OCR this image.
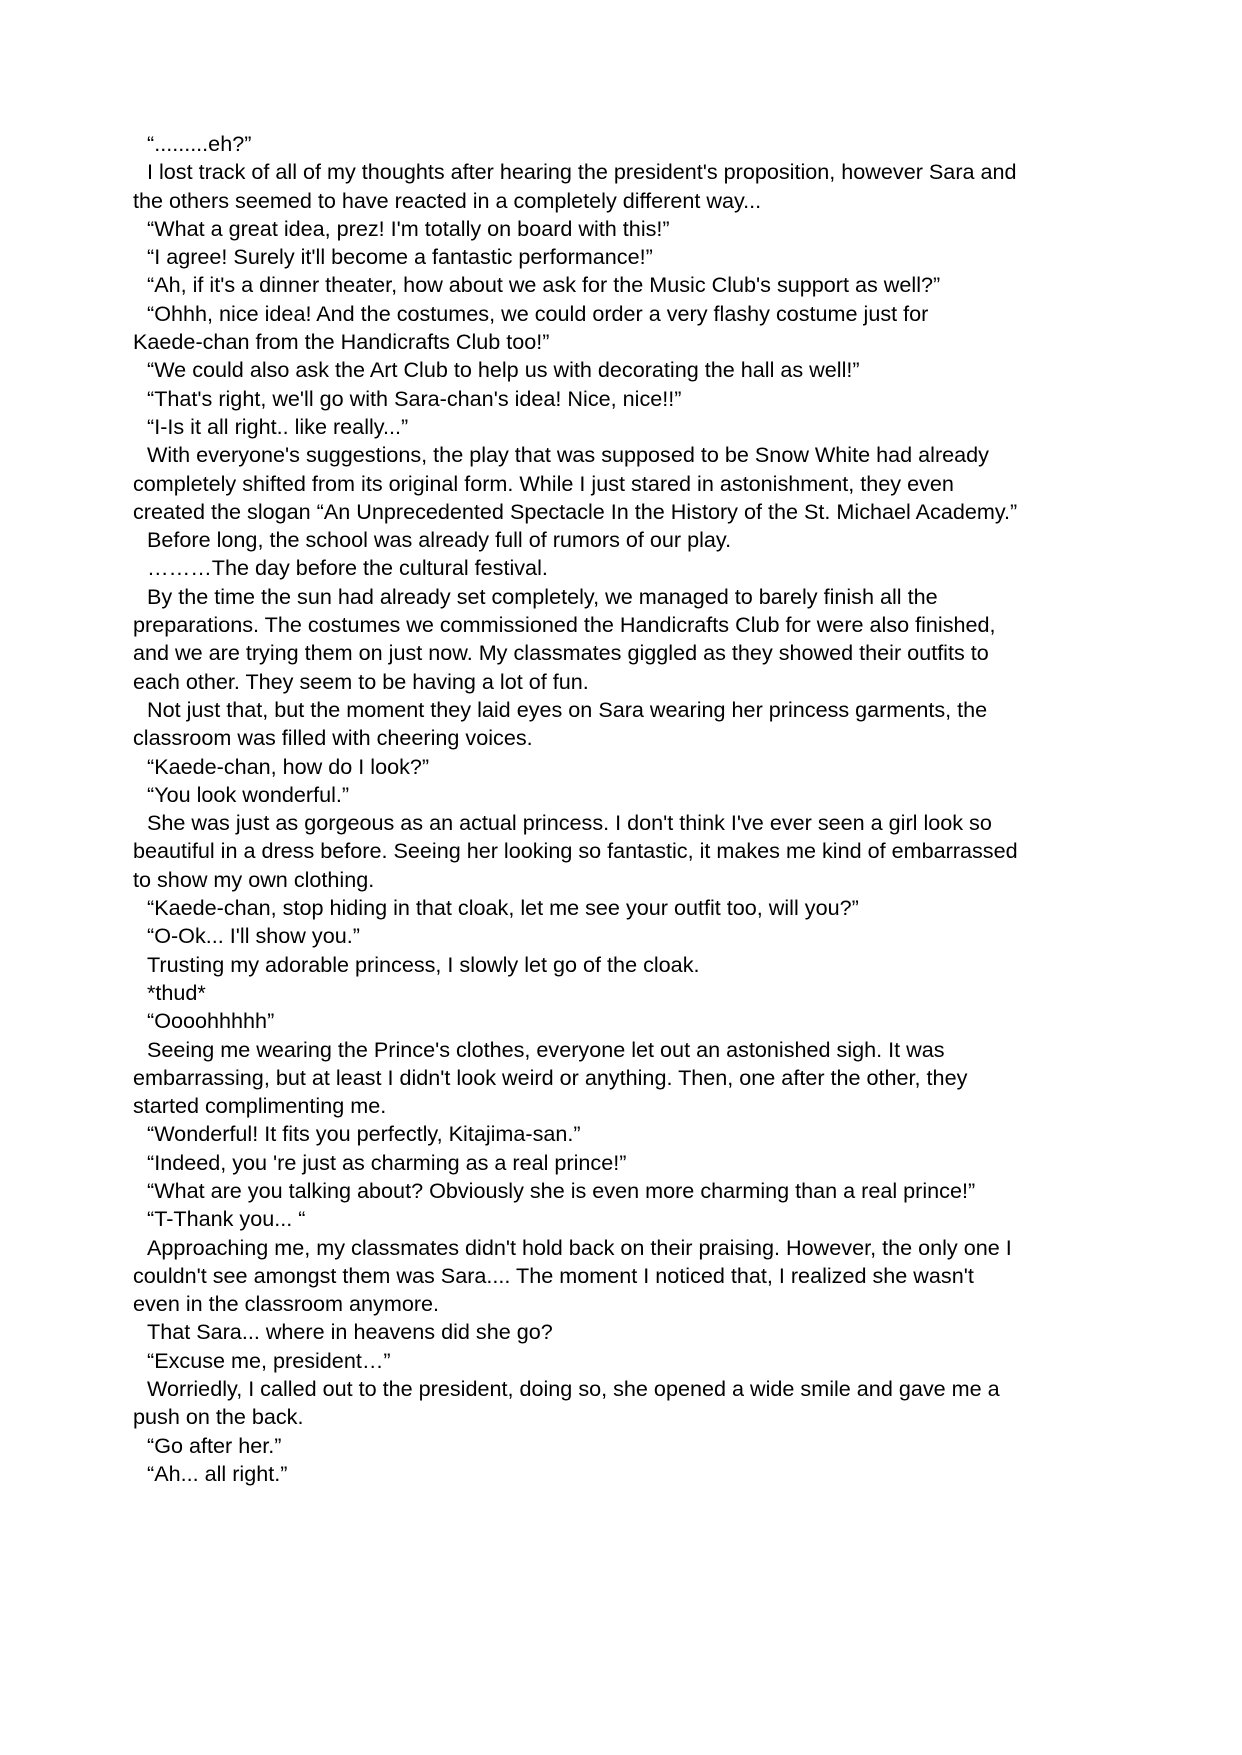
“.........eh?”
I lost track of all of my thoughts after hearing the president's proposition, however Sara and
the others seemed to have reacted in a completely different way...
“What a great idea, prez! I'm totally on board with this!”
“I agree! Surely it'll become a fantastic performance!”
“Ah, if it's a dinner theater, how about we ask for the Music Club's support as well?”
“Ohhh, nice idea! And the costumes, we could order a very flashy costume just for
Kaede-chan from the Handicrafts Club too!”
“We could also ask the Art Club to help us with decorating the hall as well!”
“That's right, we'll go with Sara-chan's idea! Nice, nice!!”
“I-Is it all right.. like really...”
With everyone's suggestions, the play that was supposed to be Snow White had already
completely shifted from its original form. While I just stared in astonishment, they even
created the slogan “An Unprecedented Spectacle In the History of the St. Michael Academy.”
Before long, the school was already full of rumors of our play.
………The day before the cultural festival.
By the time the sun had already set completely, we managed to barely finish all the
preparations. The costumes we commissioned the Handicrafts Club for were also finished,
and we are trying them on just now. My classmates giggled as they showed their outfits to
each other. They seem to be having a lot of fun.
Not just that, but the moment they laid eyes on Sara wearing her princess garments, the
classroom was filled with cheering voices.
“Kaede-chan, how do I look?”
“You look wonderful.”
She was just as gorgeous as an actual princess. I don't think I've ever seen a girl look so
beautiful in a dress before. Seeing her looking so fantastic, it makes me kind of embarrassed
to show my own clothing.
“Kaede-chan, stop hiding in that cloak, let me see your outfit too, will you?”
“O-Ok... I'll show you.”
Trusting my adorable princess, I slowly let go of the cloak.
*thud*
“Oooohhhhh”
Seeing me wearing the Prince's clothes, everyone let out an astonished sigh. It was
embarrassing, but at least I didn't look weird or anything. Then, one after the other, they
started complimenting me.
“Wonderful! It fits you perfectly, Kitajima-san.”
“Indeed, you 're just as charming as a real prince!”
“What are you talking about? Obviously she is even more charming than a real prince!”
“T-Thank you... “
Approaching me, my classmates didn't hold back on their praising. However, the only one I
couldn't see amongst them was Sara.... The moment I noticed that, I realized she wasn't
even in the classroom anymore.
That Sara... where in heavens did she go?
“Excuse me, president…”
Worriedly, I called out to the president, doing so, she opened a wide smile and gave me a
push on the back.
“Go after her.”
“Ah... all right.”
